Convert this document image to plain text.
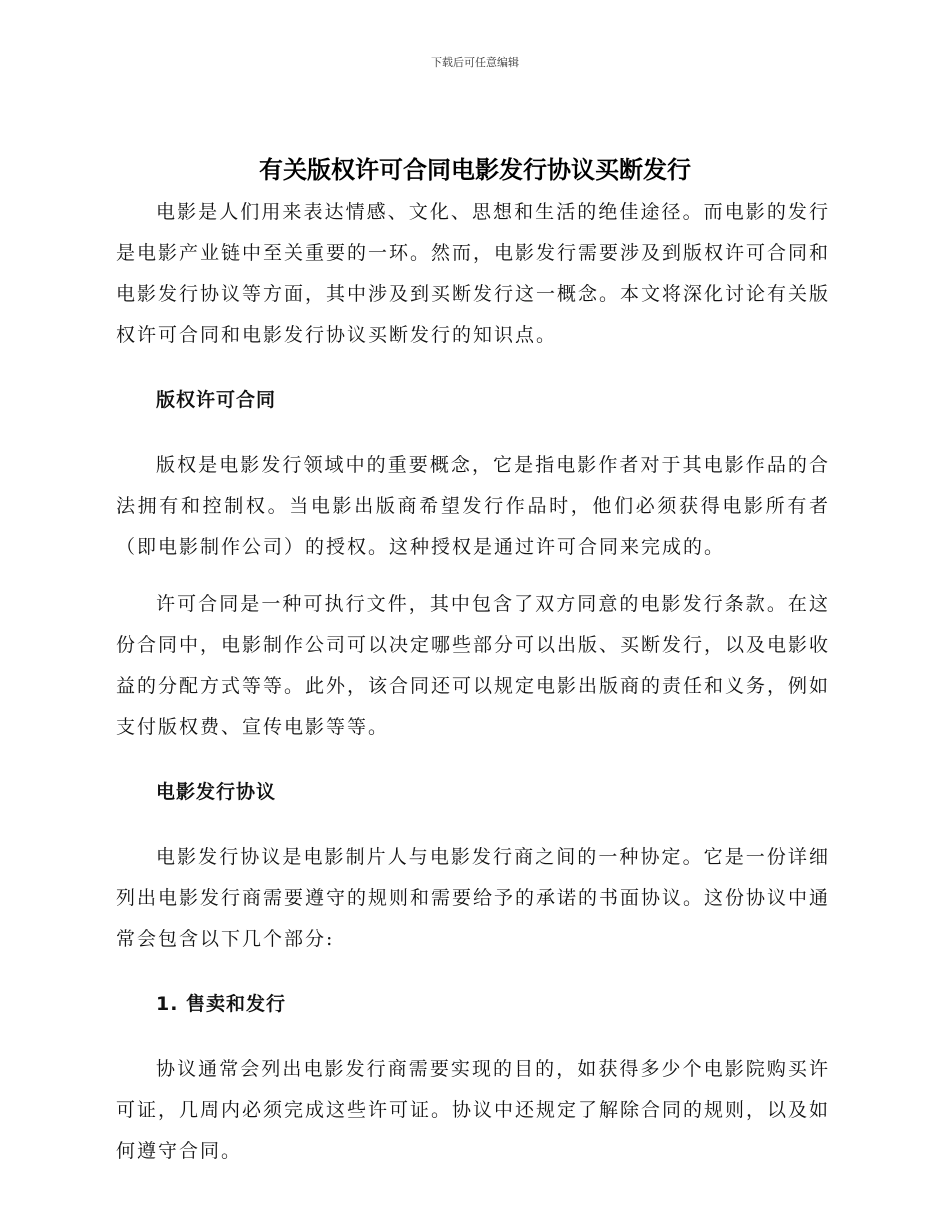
下载后可任意编辑
有关版权许可合同电影发行协议买断发行

电影是人们用来表达情感、文化、思想和生活的绝佳途径。而电影的发行是电影产业链中至关重要的一环。然而，电影发行需要涉及到版权许可合同和电影发行协议等方面，其中涉及到买断发行这一概念。本文将深化讨论有关版权许可合同和电影发行协议买断发行的知识点。

版权许可合同

版权是电影发行领域中的重要概念，它是指电影作者对于其电影作品的合法拥有和控制权。当电影出版商希望发行作品时，他们必须获得电影所有者（即电影制作公司）的授权。这种授权是通过许可合同来完成的。

许可合同是一种可执行文件，其中包含了双方同意的电影发行条款。在这份合同中，电影制作公司可以决定哪些部分可以出版、买断发行，以及电影收益的分配方式等等。此外，该合同还可以规定电影出版商的责任和义务，例如支付版权费、宣传电影等等。

电影发行协议

电影发行协议是电影制片人与电影发行商之间的一种协定。它是一份详细列出电影发行商需要遵守的规则和需要给予的承诺的书面协议。这份协议中通常会包含以下几个部分:

1. 售卖和发行

协议通常会列出电影发行商需要实现的目的，如获得多少个电影院购买许可证，几周内必须完成这些许可证。协议中还规定了解除合同的规则，以及如何遵守合同。
